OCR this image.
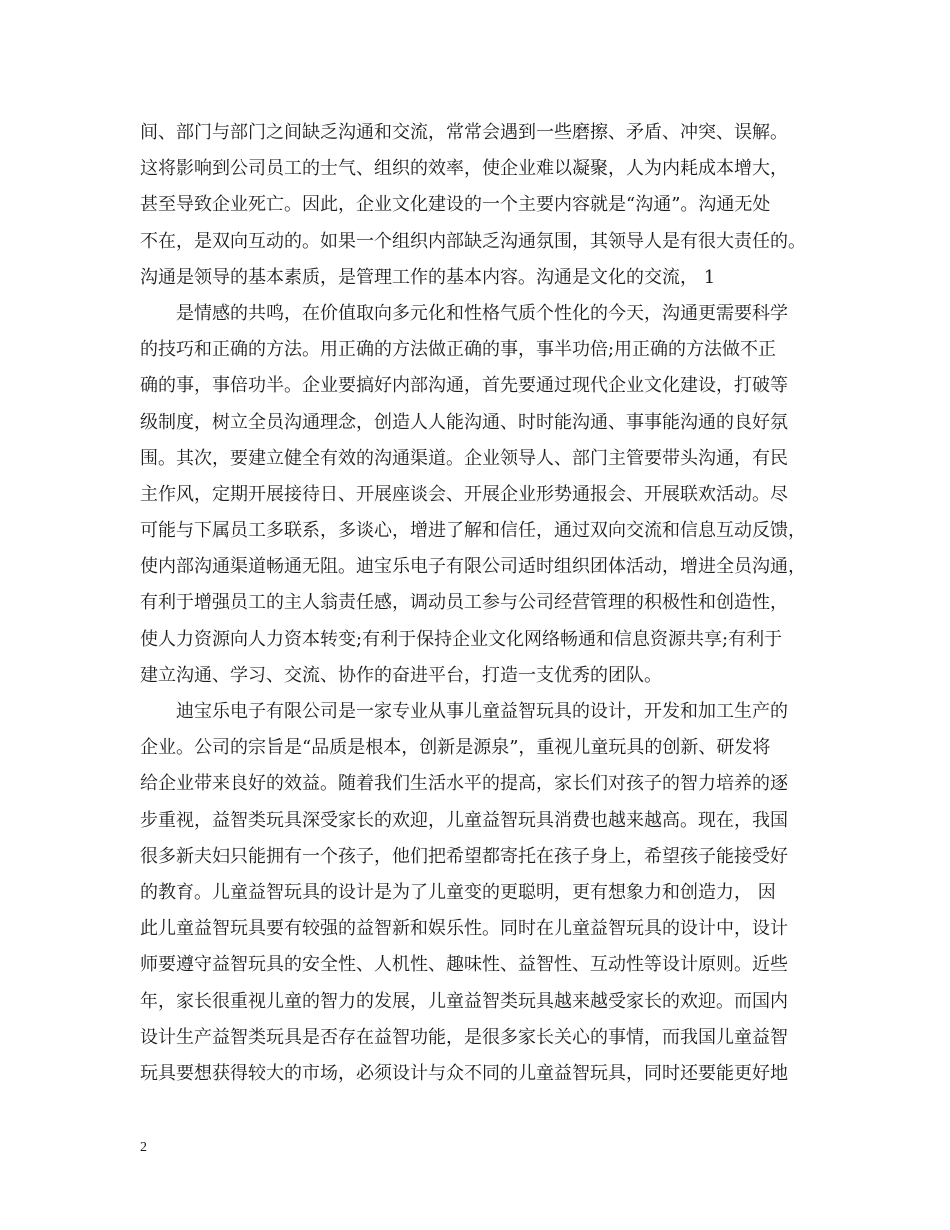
间、部门与部门之间缺乏沟通和交流，常常会遇到一些磨擦、矛盾、冲突、误解。
这将影响到公司员工的士气、组织的效率，使企业难以凝聚，人为内耗成本增大，
甚至导致企业死亡。因此，企业文化建设的一个主要内容就是“沟通”。沟通无处
不在，是双向互动的。如果一个组织内部缺乏沟通氛围，其领导人是有很大责任的。
沟通是领导的基本素质，是管理工作的基本内容。沟通是文化的交流， 1
是情感的共鸣，在价值取向多元化和性格气质个性化的今天，沟通更需要科学
的技巧和正确的方法。用正确的方法做正确的事，事半功倍;用正确的方法做不正
确的事，事倍功半。企业要搞好内部沟通，首先要通过现代企业文化建设，打破等
级制度，树立全员沟通理念，创造人人能沟通、时时能沟通、事事能沟通的良好氛
围。其次，要建立健全有效的沟通渠道。企业领导人、部门主管要带头沟通，有民
主作风，定期开展接待日、开展座谈会、开展企业形势通报会、开展联欢活动。尽
可能与下属员工多联系，多谈心，增进了解和信任，通过双向交流和信息互动反馈，
使内部沟通渠道畅通无阻。迪宝乐电子有限公司适时组织团体活动，增进全员沟通，
有利于增强员工的主人翁责任感，调动员工参与公司经营管理的积极性和创造性，
使人力资源向人力资本转变;有利于保持企业文化网络畅通和信息资源共享;有利于
建立沟通、学习、交流、协作的奋进平台，打造一支优秀的团队。
迪宝乐电子有限公司是一家专业从事儿童益智玩具的设计，开发和加工生产的
企业。公司的宗旨是“品质是根本，创新是源泉”，重视儿童玩具的创新、研发将
给企业带来良好的效益。随着我们生活水平的提高，家长们对孩子的智力培养的逐
步重视，益智类玩具深受家长的欢迎，儿童益智玩具消费也越来越高。现在，我国
很多新夫妇只能拥有一个孩子，他们把希望都寄托在孩子身上，希望孩子能接受好
的教育。儿童益智玩具的设计是为了儿童变的更聪明，更有想象力和创造力， 因
此儿童益智玩具要有较强的益智新和娱乐性。同时在儿童益智玩具的设计中，设计
师要遵守益智玩具的安全性、人机性、趣味性、益智性、互动性等设计原则。近些
年，家长很重视儿童的智力的发展，儿童益智类玩具越来越受家长的欢迎。而国内
设计生产益智类玩具是否存在益智功能，是很多家长关心的事情，而我国儿童益智
玩具要想获得较大的市场，必须设计与众不同的儿童益智玩具，同时还要能更好地
2
